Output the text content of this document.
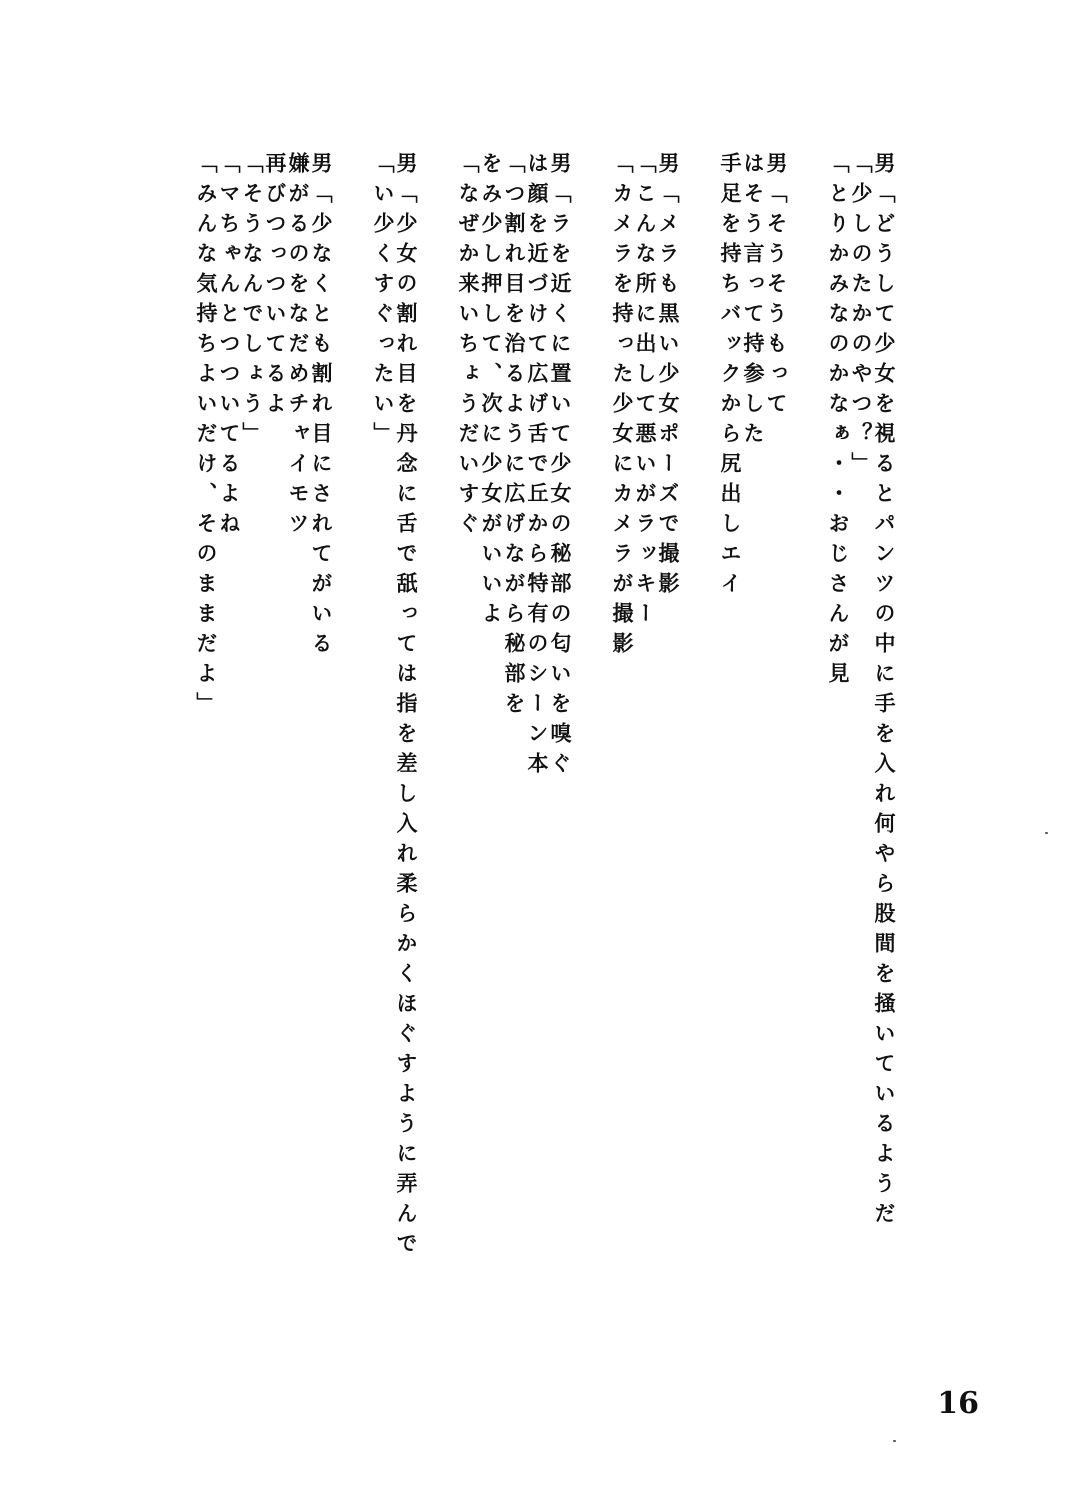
男「どうして少女を視るとパンツの中に手を入れ何やら股間を掻いているようだ
「少しのたかのやつ？」
「とりかみなのかなぁ・・おじさんが見
男「そうそうもって
はそう言って持参した
手足を持ちバックから尻出しエイ
男「メラも黒い少女ポーズで撮影
「こんな所に出して悪いがラッキー
「カメラを持った少女にカメラが撮影
男「ラを近くに置いて少女の秘部の匂いを嗅ぐ
は顔を近づけて広げ舌で丘から特有のシーン本
「つ割れ目を治るように広げながら秘部を
をみ少し押して、次に少女がいいよ
「なぜか来いちょうだいすぐ
男「少女の割れ目を丹念に舌で舐っては指を差し入れ柔らかくほぐすように弄んで
「い少くすぐったい」
男「少なくとも割れ目にされてがいる
嫌がるのをなだめチャイモツ
再びつっついてるよ
「そうなんでしょう」
「マちゃんとつついてるよね
「みんな気持ちよいだけ、そのままだよ」
16
